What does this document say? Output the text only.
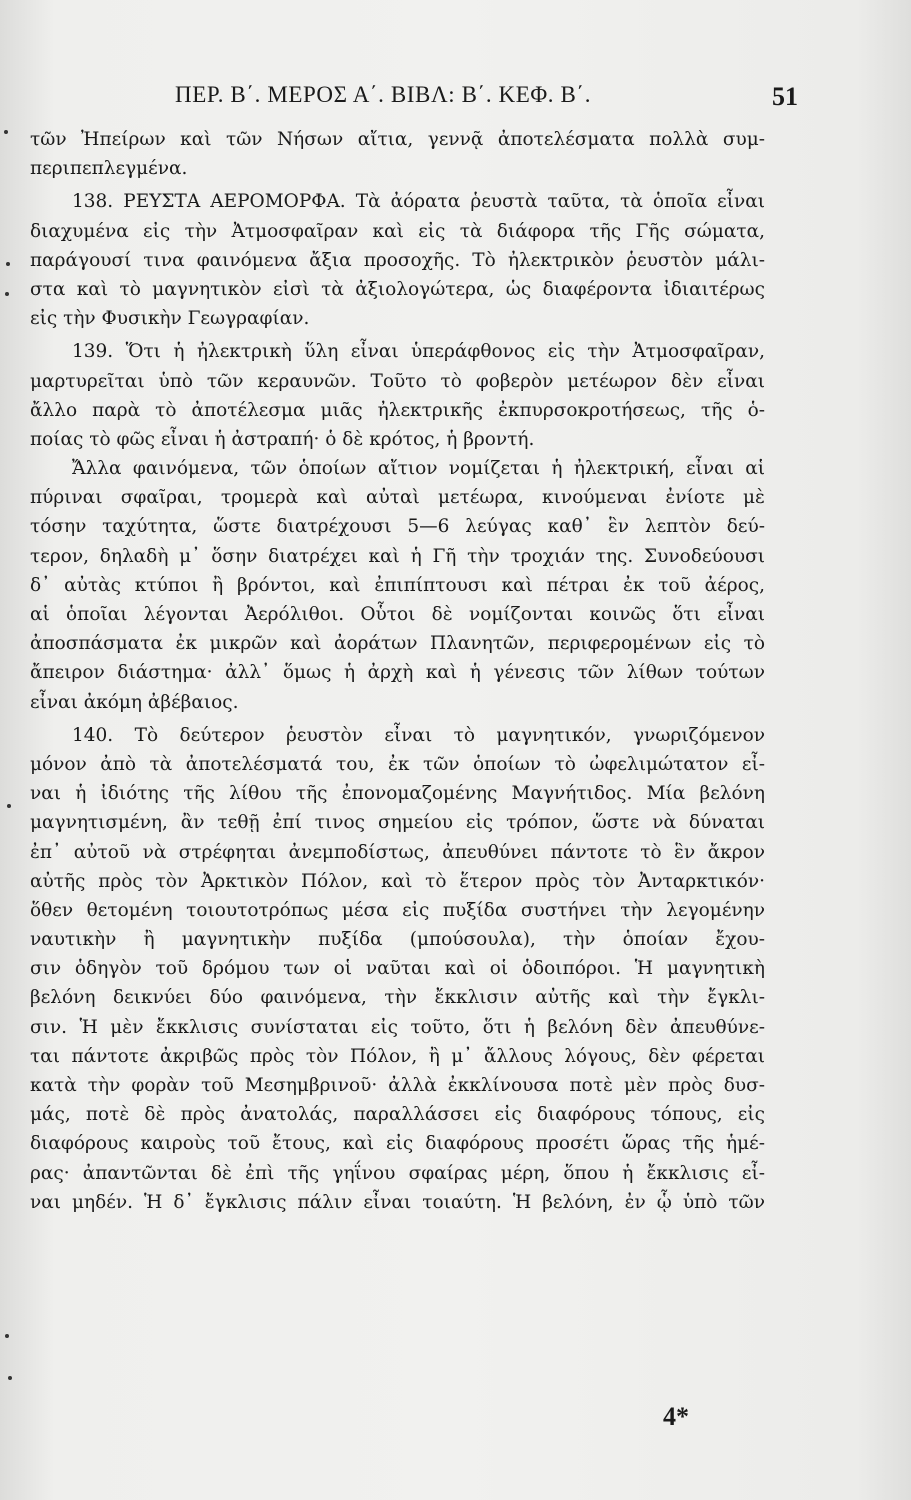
ΠΕΡ. Β΄. ΜΕΡΟΣ Α΄. ΒΙΒΛ: Β΄. ΚΕΦ. Β΄.	51
τῶν Ἠπείρων καὶ τῶν Νήσων αἴτια, γεννᾷ ἀποτελέσματα πολλὰ συμ-
περιπεπλεγμένα.
138. ΡΕΥΣΤΑ ΑΕΡΟΜΟΡΦΑ. Τὰ ἀόρατα ῥευστὰ ταῦτα, τὰ ὁποῖα εἶναι
διαχυμένα εἰς τὴν Ἀτμοσφαῖραν καὶ εἰς τὰ διάφορα τῆς Γῆς σώματα,
παράγουσί τινα φαινόμενα ἄξια προσοχῆς. Τὸ ἠλεκτρικὸν ῥευστὸν μάλι-
στα καὶ τὸ μαγνητικὸν εἰσὶ τὰ ἀξιολογώτερα, ὡς διαφέροντα ἰδιαιτέρως
εἰς τὴν Φυσικὴν Γεωγραφίαν.
139. Ὅτι ἡ ἠλεκτρικὴ ὕλη εἶναι ὑπεράφθονος εἰς τὴν Ἀτμοσφαῖραν,
μαρτυρεῖται ὑπὸ τῶν κεραυνῶν. Τοῦτο τὸ φοβερὸν μετέωρον δὲν εἶναι
ἄλλο παρὰ τὸ ἀποτέλεσμα μιᾶς ἠλεκτρικῆς ἐκπυρσοκροτήσεως, τῆς ὁ-
ποίας τὸ φῶς εἶναι ἡ ἀστραπή· ὁ δὲ κρότος, ἡ βροντή.
Ἄλλα φαινόμενα, τῶν ὁποίων αἴτιον νομίζεται ἡ ἠλεκτρική, εἶναι αἱ
πύριναι σφαῖραι, τρομερὰ καὶ αὐταὶ μετέωρα, κινούμεναι ἐνίοτε μὲ
τόσην ταχύτητα, ὥστε διατρέχουσι 5—6 λεύγας καθ᾽ ἓν λεπτὸν δεύ-
τερον, δηλαδὴ μ᾽ ὅσην διατρέχει καὶ ἡ Γῆ τὴν τροχιάν της. Συνοδεύουσι
δ᾽ αὐτὰς κτύποι ἢ βρόντοι, καὶ ἐπιπίπτουσι καὶ πέτραι ἐκ τοῦ ἀέρος,
αἱ ὁποῖαι λέγονται Ἀερόλιθοι. Οὗτοι δὲ νομίζονται κοινῶς ὅτι εἶναι
ἀποσπάσματα ἐκ μικρῶν καὶ ἀοράτων Πλανητῶν, περιφερομένων εἰς τὸ
ἄπειρον διάστημα· ἀλλ᾽ ὅμως ἡ ἀρχὴ καὶ ἡ γένεσις τῶν λίθων τούτων
εἶναι ἀκόμη ἀβέβαιος.
140. Τὸ δεύτερον ῥευστὸν εἶναι τὸ μαγνητικόν, γνωριζόμενον
μόνον ἀπὸ τὰ ἀποτελέσματά του, ἐκ τῶν ὁποίων τὸ ὠφελιμώτατον εἶ-
ναι ἡ ἰδιότης τῆς λίθου τῆς ἐπονομαζομένης Μαγνήτιδος. Μία βελόνη
μαγνητισμένη, ἂν τεθῇ ἐπί τινος σημείου εἰς τρόπον, ὥστε νὰ δύναται
ἐπ᾽ αὐτοῦ νὰ στρέφηται ἀνεμποδίστως, ἀπευθύνει πάντοτε τὸ ἓν ἄκρον
αὐτῆς πρὸς τὸν Ἀρκτικὸν Πόλον, καὶ τὸ ἕτερον πρὸς τὸν Ἀνταρκτικόν·
ὅθεν θετομένη τοιουτοτρόπως μέσα εἰς πυξίδα συστήνει τὴν λεγομένην
ναυτικὴν ἢ μαγνητικὴν πυξίδα (μπούσουλα), τὴν ὁποίαν ἔχου-
σιν ὁδηγὸν τοῦ δρόμου των οἱ ναῦται καὶ οἱ ὁδοιπόροι. Ἡ μαγνητικὴ
βελόνη δεικνύει δύο φαινόμενα, τὴν ἔκκλισιν αὐτῆς καὶ τὴν ἔγκλι-
σιν. Ἡ μὲν ἔκκλισις συνίσταται εἰς τοῦτο, ὅτι ἡ βελόνη δὲν ἀπευθύνε-
ται πάντοτε ἀκριβῶς πρὸς τὸν Πόλον, ἢ μ᾽ ἄλλους λόγους, δὲν φέρεται
κατὰ τὴν φορὰν τοῦ Μεσημβρινοῦ· ἀλλὰ ἐκκλίνουσα ποτὲ μὲν πρὸς δυσ-
μάς, ποτὲ δὲ πρὸς ἀνατολάς, παραλλάσσει εἰς διαφόρους τόπους, εἰς
διαφόρους καιροὺς τοῦ ἔτους, καὶ εἰς διαφόρους προσέτι ὥρας τῆς ἡμέ-
ρας· ἀπαντῶνται δὲ ἐπὶ τῆς γηΐνου σφαίρας μέρη, ὅπου ἡ ἔκκλισις εἶ-
ναι μηδέν. Ἡ δ᾽ ἔγκλισις πάλιν εἶναι τοιαύτη. Ἡ βελόνη, ἐν ᾧ ὑπὸ τῶν
4*
